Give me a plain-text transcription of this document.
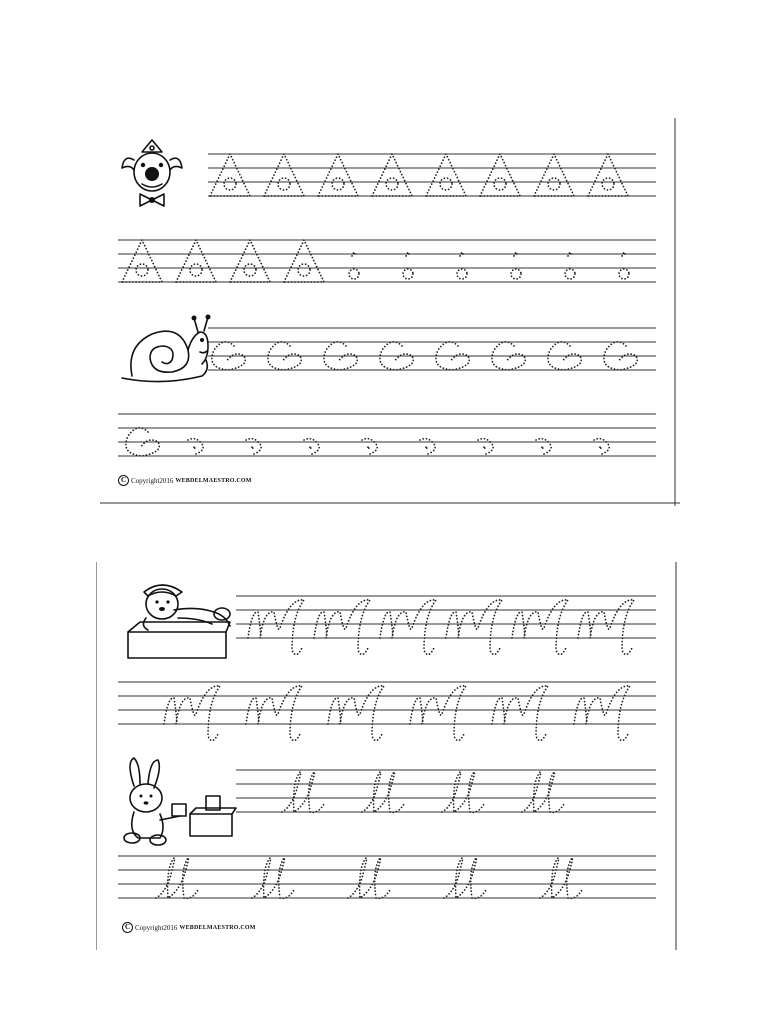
C Copyright2016 WEBDELMAESTRO.COM
C Copyright2016 WEBDELMAESTRO.COM
